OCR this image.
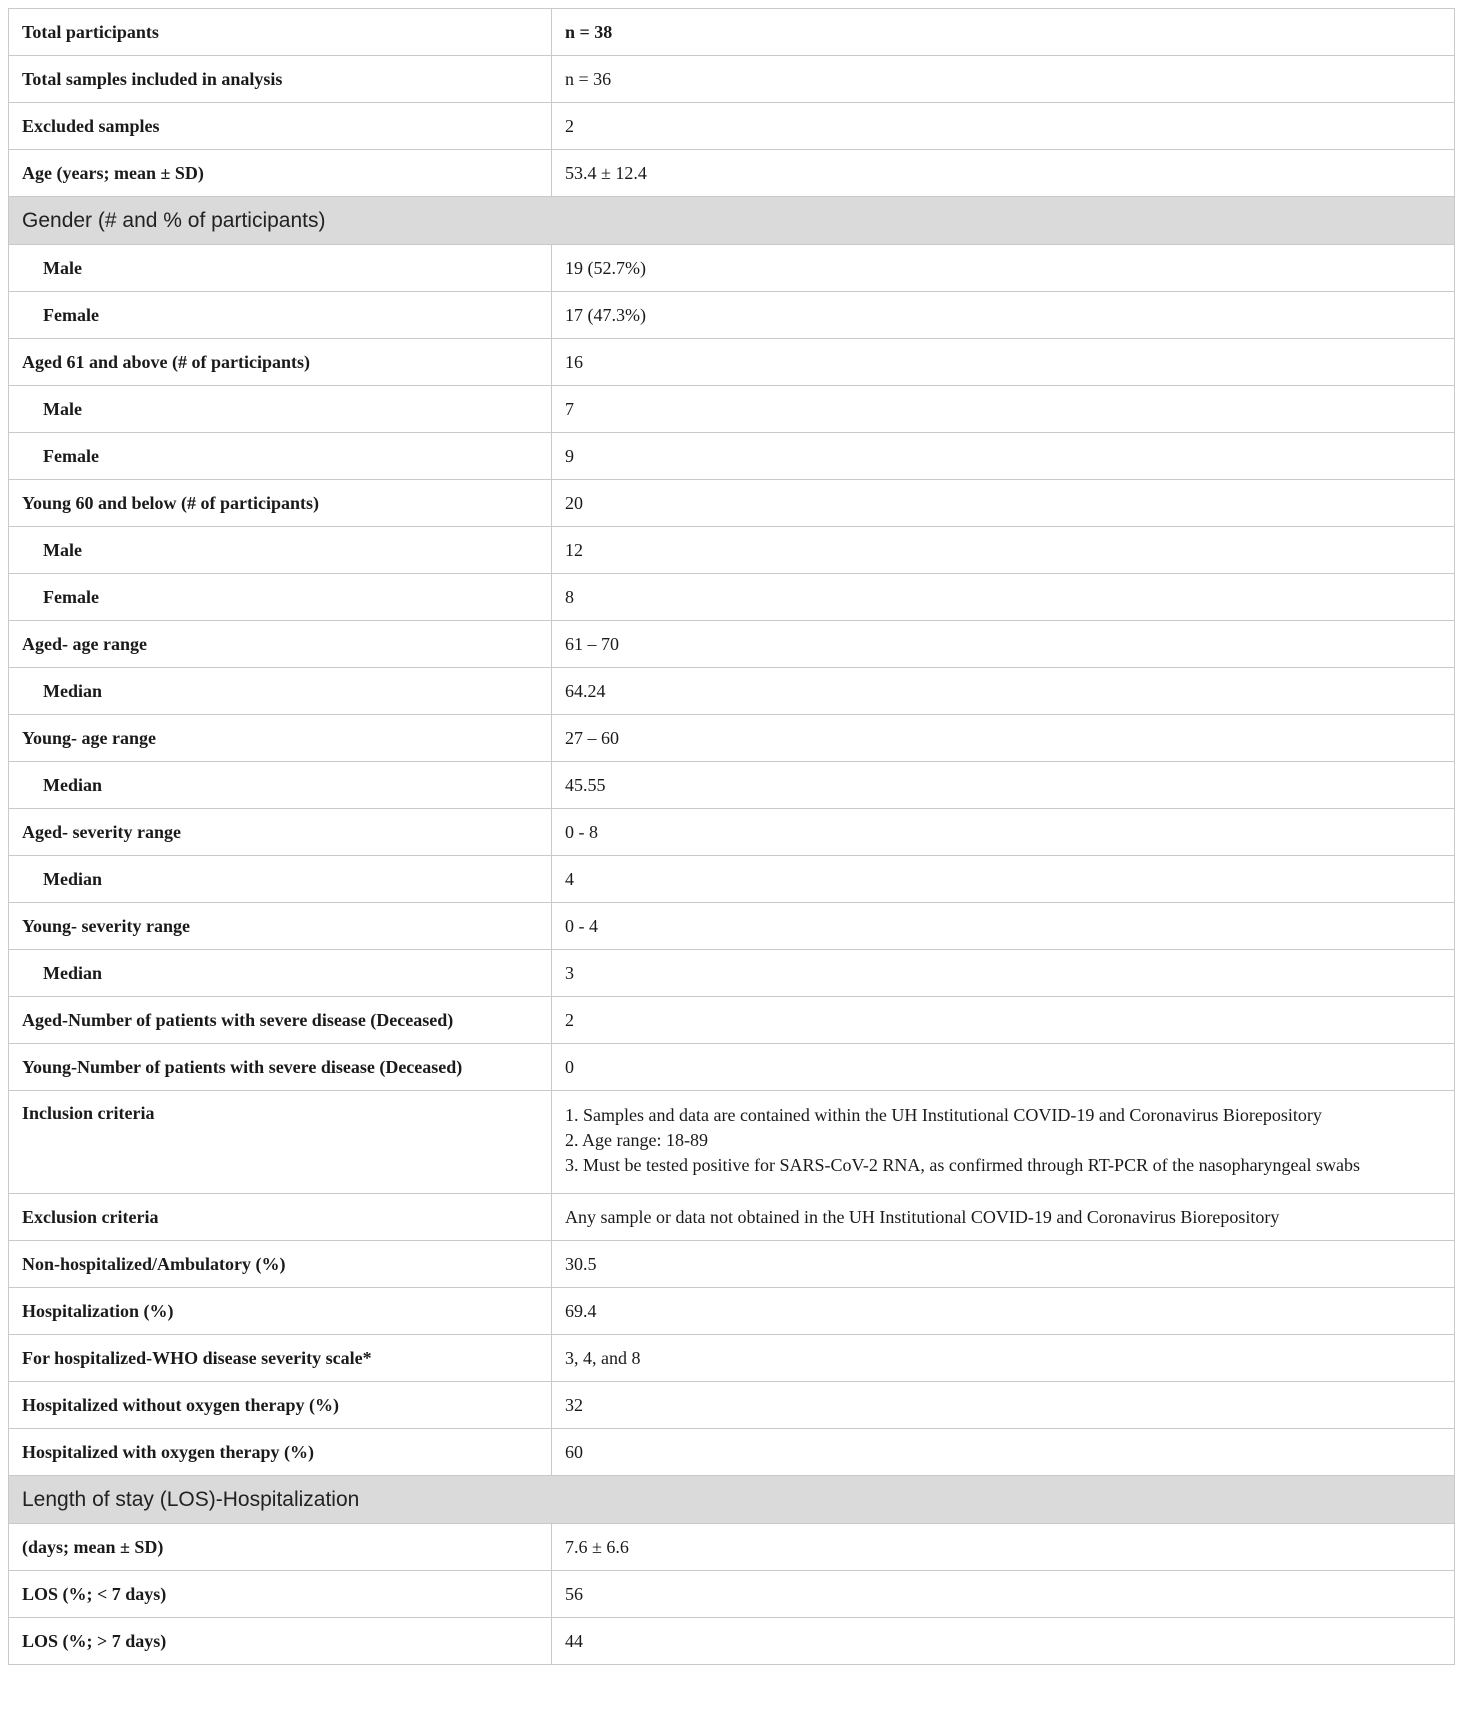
Total participants	n = 38
Total samples included in analysis	n = 36
Excluded samples	2
Age (years; mean ± SD)	53.4 ± 12.4
Gender (# and % of participants)	
Male	19 (52.7%)
Female	17 (47.3%)
Aged 61 and above (# of participants)	16
Male	7
Female	9
Young 60 and below (# of participants)	20
Male	12
Female	8
Aged- age range	61 – 70
Median	64.24
Young- age range	27 – 60
Median	45.55
Aged- severity range	0 - 8
Median	4
Young- severity range	0 - 4
Median	3
Aged-Number of patients with severe disease (Deceased)	2
Young-Number of patients with severe disease (Deceased)	0
Inclusion criteria	1. Samples and data are contained within the UH Institutional COVID-19 and Coronavirus Biorepository
2. Age range: 18-89
3. Must be tested positive for SARS-CoV-2 RNA, as confirmed through RT-PCR of the nasopharyngeal swabs

Exclusion criteria	Any sample or data not obtained in the UH Institutional COVID-19 and Coronavirus Biorepository
Non-hospitalized/Ambulatory (%)	30.5
Hospitalization (%)	69.4
For hospitalized-WHO disease severity scale*	3, 4, and 8
Hospitalized without oxygen therapy (%)	32
Hospitalized with oxygen therapy (%)	60
Length of stay (LOS)-Hospitalization	
(days; mean ± SD)	7.6 ± 6.6
LOS (%; < 7 days)	56
LOS (%; > 7 days)	44
